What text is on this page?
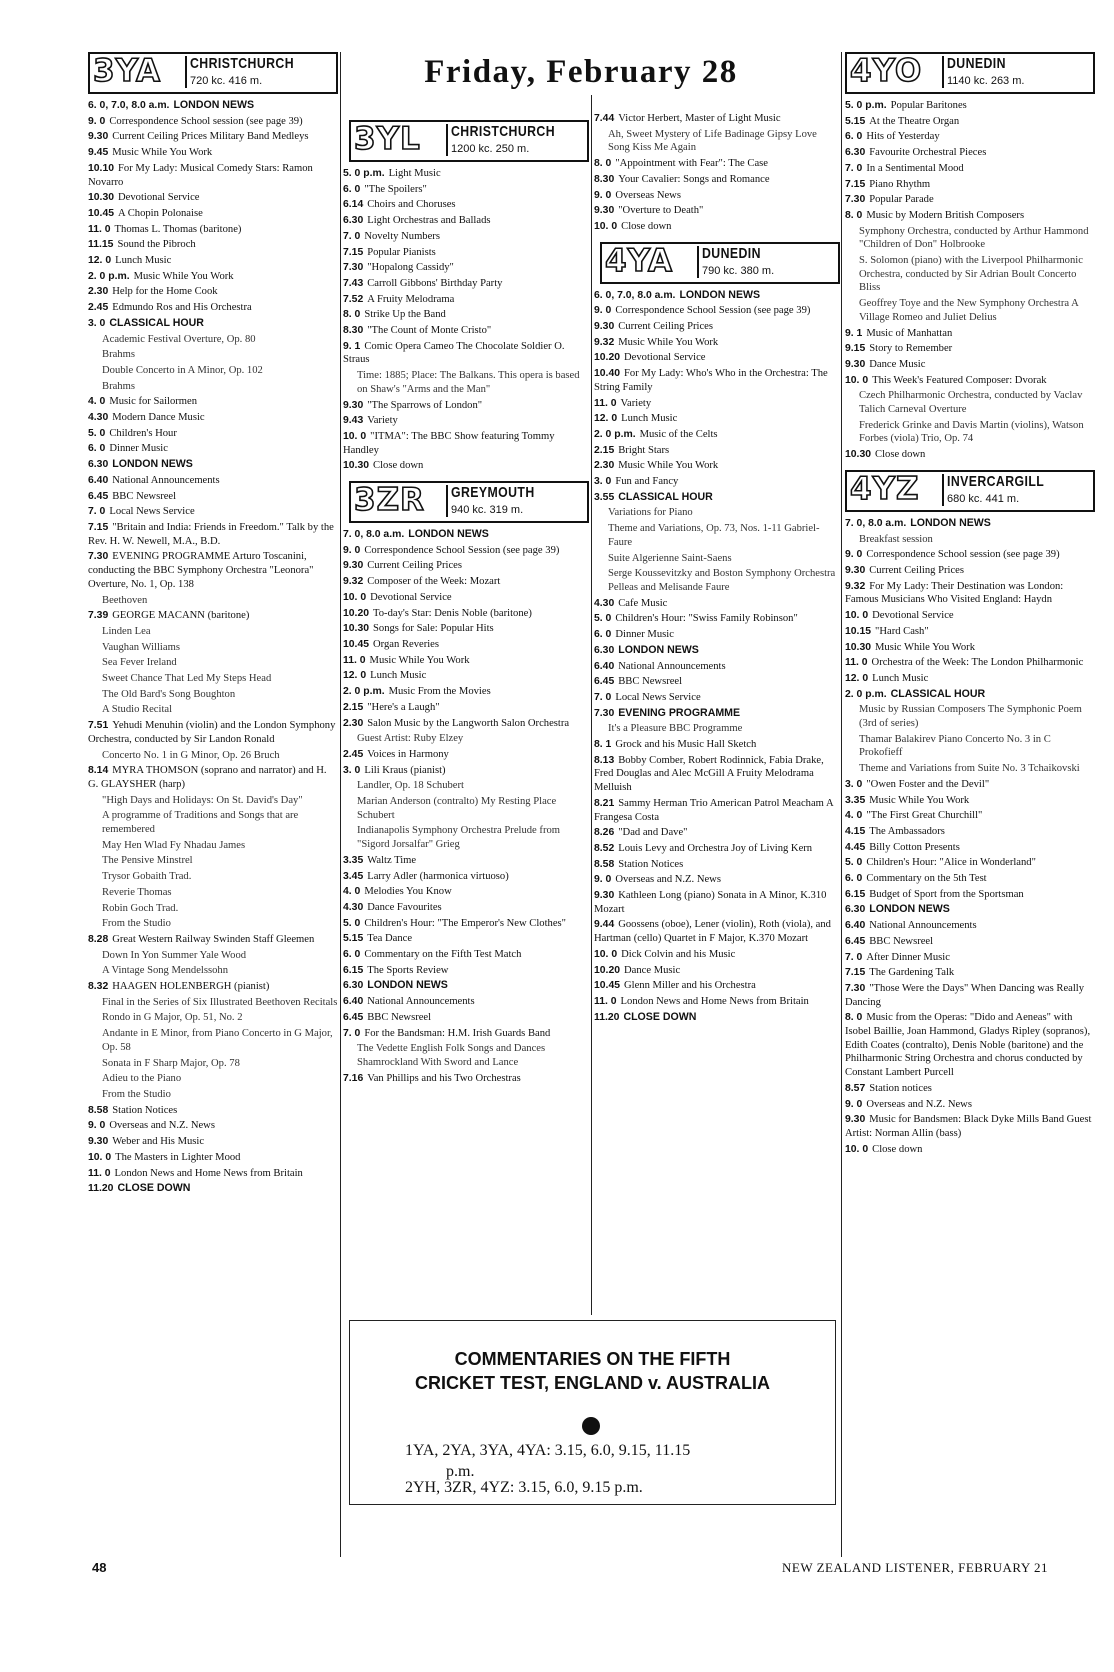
Friday, February 28
3YA	CHRISTCHURCH
720 kc. 416 m.
6. 0, 7.0, 8.0 a.m. LONDON NEWS
9. 0 Correspondence School session (see page 39)
9.30 Current Ceiling Prices Military Band Medleys
9.45 Music While You Work
10.10 For My Lady: Musical Comedy Stars: Ramon Novarro
10.30 Devotional Service
10.45 A Chopin Polonaise
11. 0 Thomas L. Thomas (baritone)
11.15 Sound the Pibroch
12. 0 Lunch Music
2. 0 p.m. Music While You Work
2.30 Help for the Home Cook
2.45 Edmundo Ros and His Orchestra
3. 0 CLASSICAL HOUR
Academic Festival Overture, Op. 80
Brahms
Double Concerto in A Minor, Op. 102
Brahms
4. 0 Music for Sailormen
4.30 Modern Dance Music
5. 0 Children's Hour
6. 0 Dinner Music
6.30 LONDON NEWS
6.40 National Announcements
6.45 BBC Newsreel
7. 0 Local News Service
7.15 "Britain and India: Friends in Freedom." Talk by the Rev. H. W. Newell, M.A., B.D.
7.30 EVENING PROGRAMME Arturo Toscanini, conducting the BBC Symphony Orchestra "Leonora" Overture, No. 1, Op. 138
Beethoven
7.39 GEORGE MACANN (baritone)
Linden Lea
Vaughan Williams
Sea Fever Ireland
Sweet Chance That Led My Steps Head
The Old Bard's Song Boughton
A Studio Recital
7.51 Yehudi Menuhin (violin) and the London Symphony Orchestra, conducted by Sir Landon Ronald
Concerto No. 1 in G Minor, Op. 26 Bruch
8.14 MYRA THOMSON (soprano and narrator) and H. G. GLAYSHER (harp)
"High Days and Holidays: On St. David's Day"
A programme of Traditions and Songs that are remembered
May Hen Wlad Fy Nhadau James
The Pensive Minstrel
Trysor Gobaith Trad.
Reverie Thomas
Robin Goch Trad.
From the Studio
8.28 Great Western Railway Swinden Staff Gleemen
Down In Yon Summer Yale Wood
A Vintage Song Mendelssohn
8.32 HAAGEN HOLENBERGH (pianist)
Final in the Series of Six Illustrated Beethoven Recitals
Rondo in G Major, Op. 51, No. 2
Andante in E Minor, from Piano Concerto in G Major, Op. 58
Sonata in F Sharp Major, Op. 78
Adieu to the Piano
From the Studio
8.58 Station Notices
9. 0 Overseas and N.Z. News
9.30 Weber and His Music
10. 0 The Masters in Lighter Mood
11. 0 London News and Home News from Britain
11.20 CLOSE DOWN
3YL	CHRISTCHURCH
1200 kc. 250 m.
5. 0 p.m. Light Music
6. 0 "The Spoilers"
6.14 Choirs and Choruses
6.30 Light Orchestras and Ballads
7. 0 Novelty Numbers
7.15 Popular Pianists
7.30 "Hopalong Cassidy"
7.43 Carroll Gibbons' Birthday Party
7.52 A Fruity Melodrama
8. 0 Strike Up the Band
8.30 "The Count of Monte Cristo"
9. 1 Comic Opera Cameo The Chocolate Soldier O. Straus
Time: 1885; Place: The Balkans. This opera is based on Shaw's "Arms and the Man"
9.30 "The Sparrows of London"
9.43 Variety
10. 0 "ITMA": The BBC Show featuring Tommy Handley
10.30 Close down
3ZR	GREYMOUTH
940 kc. 319 m.
7. 0, 8.0 a.m. LONDON NEWS
9. 0 Correspondence School Session (see page 39)
9.30 Current Ceiling Prices
9.32 Composer of the Week: Mozart
10. 0 Devotional Service
10.20 To-day's Star: Denis Noble (baritone)
10.30 Songs for Sale: Popular Hits
10.45 Organ Reveries
11. 0 Music While You Work
12. 0 Lunch Music
2. 0 p.m. Music From the Movies
2.15 "Here's a Laugh"
2.30 Salon Music by the Langworth Salon Orchestra
Guest Artist: Ruby Elzey
2.45 Voices in Harmony
3. 0 Lili Kraus (pianist)
Landler, Op. 18 Schubert
Marian Anderson (contralto) My Resting Place Schubert
Indianapolis Symphony Orchestra Prelude from "Sigord Jorsalfar" Grieg
3.35 Waltz Time
3.45 Larry Adler (harmonica virtuoso)
4. 0 Melodies You Know
4.30 Dance Favourites
5. 0 Children's Hour: "The Emperor's New Clothes"
5.15 Tea Dance
6. 0 Commentary on the Fifth Test Match
6.15 The Sports Review
6.30 LONDON NEWS
6.40 National Announcements
6.45 BBC Newsreel
7. 0 For the Bandsman: H.M. Irish Guards Band
The Vedette English Folk Songs and Dances Shamrockland With Sword and Lance
7.16 Van Phillips and his Two Orchestras
7.44 Victor Herbert, Master of Light Music
Ah, Sweet Mystery of Life Badinage Gipsy Love Song Kiss Me Again
8. 0 "Appointment with Fear": The Case
8.30 Your Cavalier: Songs and Romance
9. 0 Overseas News
9.30 "Overture to Death"
10. 0 Close down
4YA	DUNEDIN
790 kc. 380 m.
6. 0, 7.0, 8.0 a.m. LONDON NEWS
9. 0 Correspondence School Session (see page 39)
9.30 Current Ceiling Prices
9.32 Music While You Work
10.20 Devotional Service
10.40 For My Lady: Who's Who in the Orchestra: The String Family
11. 0 Variety
12. 0 Lunch Music
2. 0 p.m. Music of the Celts
2.15 Bright Stars
2.30 Music While You Work
3. 0 Fun and Fancy
3.55 CLASSICAL HOUR
Variations for Piano
Theme and Variations, Op. 73, Nos. 1-11 Gabriel-Faure
Suite Algerienne Saint-Saens
Serge Koussevitzky and Boston Symphony Orchestra Pelleas and Melisande Faure
4.30 Cafe Music
5. 0 Children's Hour: "Swiss Family Robinson"
6. 0 Dinner Music
6.30 LONDON NEWS
6.40 National Announcements
6.45 BBC Newsreel
7. 0 Local News Service
7.30 EVENING PROGRAMME
It's a Pleasure BBC Programme
8. 1 Grock and his Music Hall Sketch
8.13 Bobby Comber, Robert Rodinnick, Fabia Drake, Fred Douglas and Alec McGill A Fruity Melodrama Melluish
8.21 Sammy Herman Trio American Patrol Meacham A Frangesa Costa
8.26 "Dad and Dave"
8.52 Louis Levy and Orchestra Joy of Living Kern
8.58 Station Notices
9. 0 Overseas and N.Z. News
9.30 Kathleen Long (piano) Sonata in A Minor, K.310 Mozart
9.44 Goossens (oboe), Lener (violin), Roth (viola), and Hartman (cello) Quartet in F Major, K.370 Mozart
10. 0 Dick Colvin and his Music
10.20 Dance Music
10.45 Glenn Miller and his Orchestra
11. 0 London News and Home News from Britain
11.20 CLOSE DOWN
4YO	DUNEDIN
1140 kc. 263 m.
5. 0 p.m. Popular Baritones
5.15 At the Theatre Organ
6. 0 Hits of Yesterday
6.30 Favourite Orchestral Pieces
7. 0 In a Sentimental Mood
7.15 Piano Rhythm
7.30 Popular Parade
8. 0 Music by Modern British Composers
Symphony Orchestra, conducted by Arthur Hammond "Children of Don" Holbrooke
S. Solomon (piano) with the Liverpool Philharmonic Orchestra, conducted by Sir Adrian Boult Concerto Bliss
Geoffrey Toye and the New Symphony Orchestra A Village Romeo and Juliet Delius
9. 1 Music of Manhattan
9.15 Story to Remember
9.30 Dance Music
10. 0 This Week's Featured Composer: Dvorak
Czech Philharmonic Orchestra, conducted by Vaclav Talich Carneval Overture
Frederick Grinke and Davis Martin (violins), Watson Forbes (viola) Trio, Op. 74
10.30 Close down
4YZ	INVERCARGILL
680 kc. 441 m.
7. 0, 8.0 a.m. LONDON NEWS
Breakfast session
9. 0 Correspondence School session (see page 39)
9.30 Current Ceiling Prices
9.32 For My Lady: Their Destination was London: Famous Musicians Who Visited England: Haydn
10. 0 Devotional Service
10.15 "Hard Cash"
10.30 Music While You Work
11. 0 Orchestra of the Week: The London Philharmonic
12. 0 Lunch Music
2. 0 p.m. CLASSICAL HOUR
Music by Russian Composers The Symphonic Poem (3rd of series)
Thamar Balakirev Piano Concerto No. 3 in C Prokofieff
Theme and Variations from Suite No. 3 Tchaikovski
3. 0 "Owen Foster and the Devil"
3.35 Music While You Work
4. 0 "The First Great Churchill"
4.15 The Ambassadors
4.45 Billy Cotton Presents
5. 0 Children's Hour: "Alice in Wonderland"
6. 0 Commentary on the 5th Test
6.15 Budget of Sport from the Sportsman
6.30 LONDON NEWS
6.40 National Announcements
6.45 BBC Newsreel
7. 0 After Dinner Music
7.15 The Gardening Talk
7.30 "Those Were the Days" When Dancing was Really Dancing
8. 0 Music from the Operas: "Dido and Aeneas" with Isobel Baillie, Joan Hammond, Gladys Ripley (sopranos), Edith Coates (contralto), Denis Noble (baritone) and the Philharmonic String Orchestra and chorus conducted by Constant Lambert Purcell
8.57 Station notices
9. 0 Overseas and N.Z. News
9.30 Music for Bandsmen: Black Dyke Mills Band Guest Artist: Norman Allin (bass)
10. 0 Close down
COMMENTARIES ON THE FIFTH
CRICKET TEST, ENGLAND v. AUSTRALIA
1YA, 2YA, 3YA, 4YA: 3.15, 6.0, 9.15, 11.15
p.m.
2YH, 3ZR, 4YZ: 3.15, 6.0, 9.15 p.m.
48	NEW ZEALAND LISTENER, FEBRUARY 21
